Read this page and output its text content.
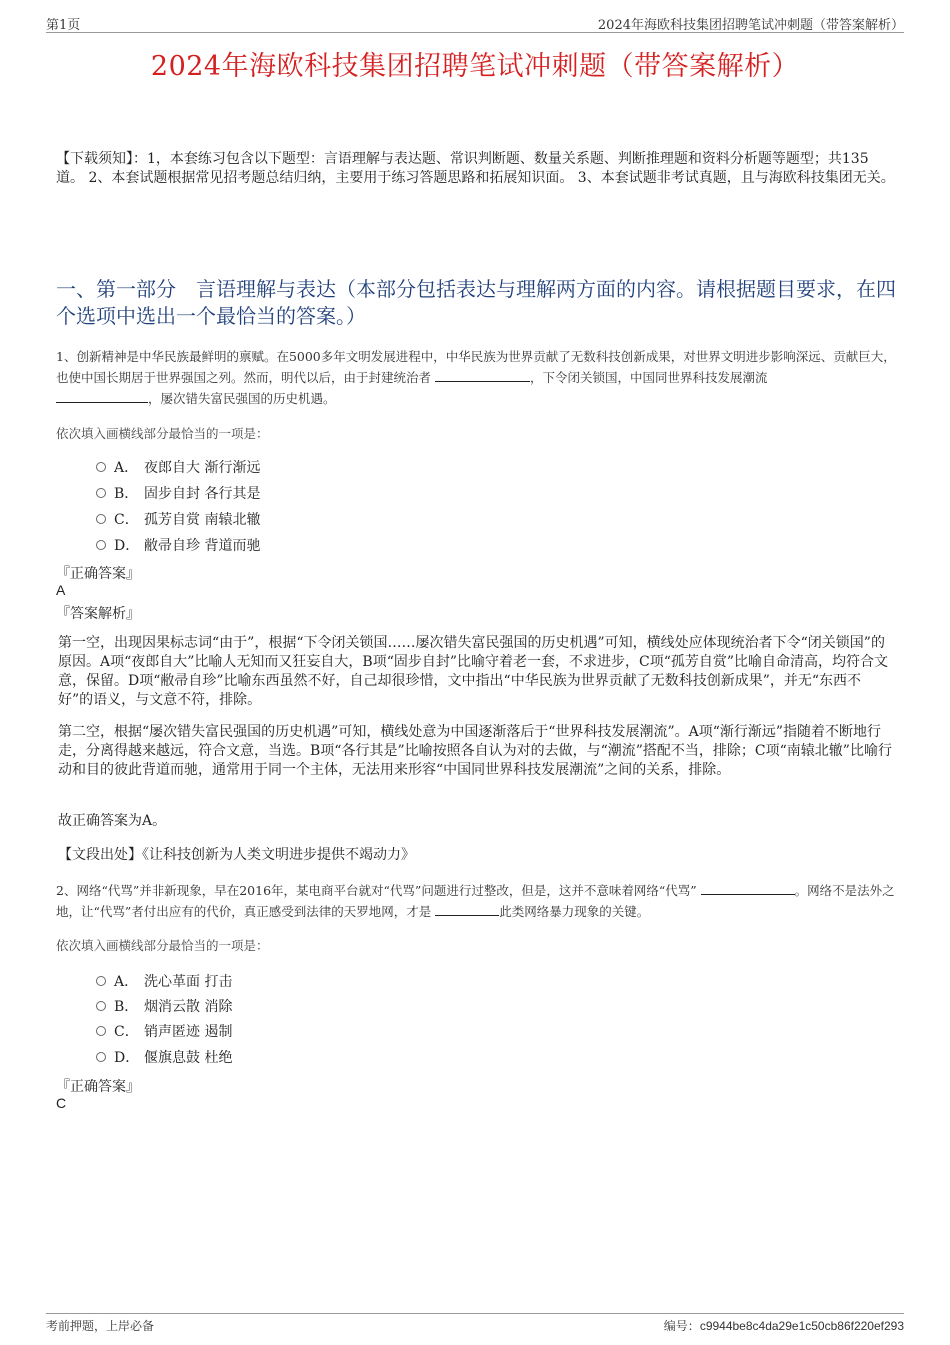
第1页	2024年海欧科技集团招聘笔试冲刺题（带答案解析）
2024年海欧科技集团招聘笔试冲刺题（带答案解析）
【下载须知】：1，本套练习包含以下题型：言语理解与表达题、常识判断题、数量关系题、判断推理题和资料分析题等题型；共135道。 2、本套试题根据常见招考题总结归纳，主要用于练习答题思路和拓展知识面。 3、本套试题非考试真题，且与海欧科技集团无关。
一、第一部分　言语理解与表达（本部分包括表达与理解两方面的内容。请根据题目要求，在四个选项中选出一个最恰当的答案。）
1、创新精神是中华民族最鲜明的禀赋。在5000多年文明发展进程中，中华民族为世界贡献了无数科技创新成果，对世界文明进步影响深远、贡献巨大，也使中国长期居于世界强国之列。然而，明代以后，由于封建统治者	，下令闭关锁国，中国同世界科技发展潮流
，屡次错失富民强国的历史机遇。
依次填入画横线部分最恰当的一项是：
A． 夜郎自大 渐行渐远
B． 固步自封 各行其是
C． 孤芳自赏 南辕北辙
D． 敝帚自珍 背道而驰
『正确答案』
A
『答案解析』
第一空，出现因果标志词“由于”，根据“下令闭关锁国……屡次错失富民强国的历史机遇”可知，横线处应体现统治者下令“闭关锁国”的原因。A项“夜郎自大”比喻人无知而又狂妄自大，B项“固步自封”比喻守着老一套，不求进步，C项“孤芳自赏”比喻自命清高，均符合文意，保留。D项“敝帚自珍”比喻东西虽然不好，自己却很珍惜，文中指出“中华民族为世界贡献了无数科技创新成果”，并无“东西不好”的语义，与文意不符，排除。
第二空，根据“屡次错失富民强国的历史机遇”可知，横线处意为中国逐渐落后于“世界科技发展潮流”。A项“渐行渐远”指随着不断地行走，分离得越来越远，符合文意，当选。B项“各行其是”比喻按照各自认为对的去做，与“潮流”搭配不当，排除；C项“南辕北辙”比喻行动和目的彼此背道而驰，通常用于同一个主体，无法用来形容“中国同世界科技发展潮流”之间的关系，排除。
故正确答案为A。
【文段出处】《让科技创新为人类文明进步提供不竭动力》
2、网络“代骂”并非新现象，早在2016年，某电商平台就对“代骂”问题进行过整改，但是，这并不意味着网络“代骂”	。网络不是法外之地，让“代骂”者付出应有的代价，真正感受到法律的天罗地网，才是	此类网络暴力现象的关键。
依次填入画横线部分最恰当的一项是：
A． 洗心革面 打击
B． 烟消云散 消除
C． 销声匿迹 遏制
D． 偃旗息鼓 杜绝
『正确答案』
C
考前押题，上岸必备	编号：c9944be8c4da29e1c50cb86f220ef293
